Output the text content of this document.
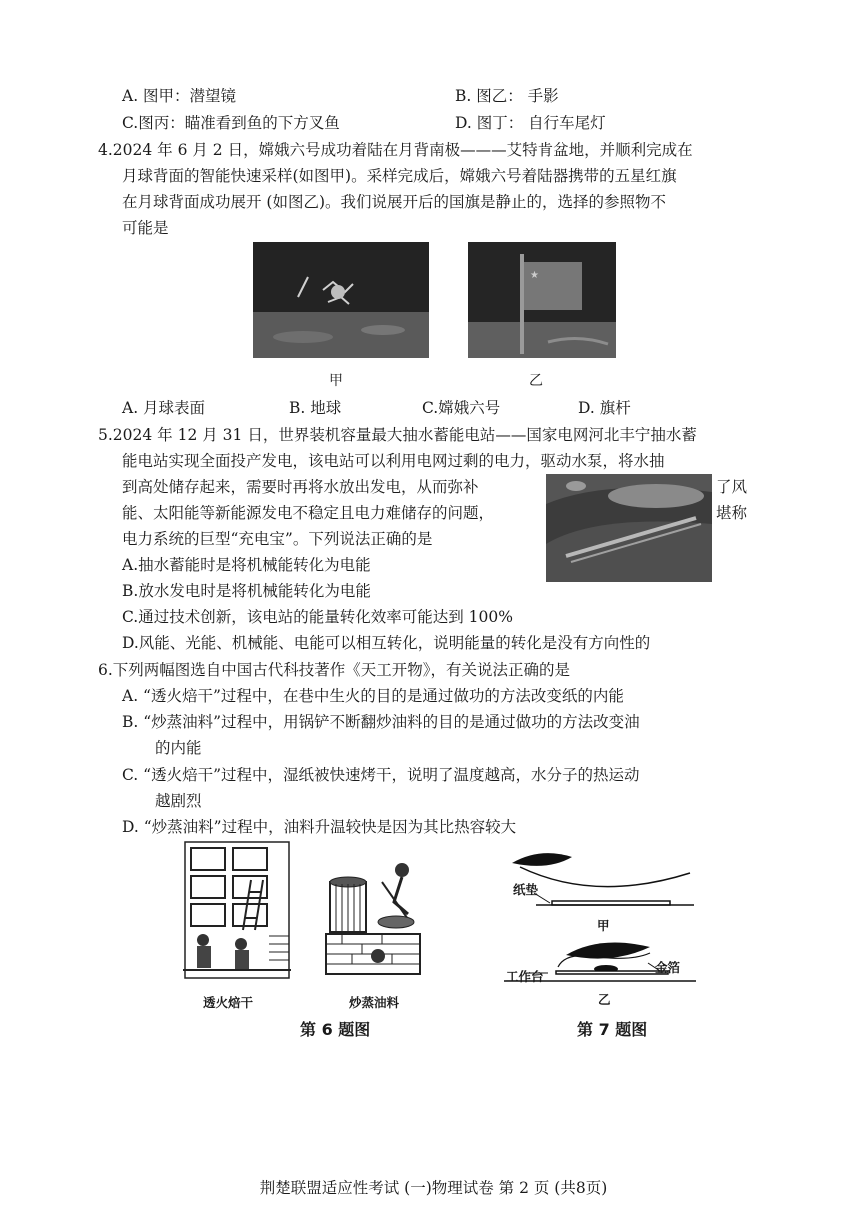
A. 图甲：潜望镜	B. 图乙： 手影
C.图丙：瞄准看到鱼的下方叉鱼	D. 图丁： 自行车尾灯
4.2024 年 6 月 2 日，嫦娥六号成功着陆在月背南极———艾特肯盆地，并顺利完成在
月球背面的智能快速采样(如图甲)。采样完成后，嫦娥六号着陆器携带的五星红旗
在月球背面成功展开 (如图乙)。我们说展开后的国旗是静止的，选择的参照物不
可能是
★
甲	乙
A. 月球表面	B. 地球	C.嫦娥六号	D. 旗杆
5.2024 年 12 月 31 日，世界装机容量最大抽水蓄能电站——国家电网河北丰宁抽水蓄
能电站实现全面投产发电，该电站可以利用电网过剩的电力，驱动水泵，将水抽
到高处储存起来，需要时再将水放出发电，从而弥补	了风
能、太阳能等新能源发电不稳定且电力难储存的问题，	堪称
电力系统的巨型“充电宝”。下列说法正确的是
A.抽水蓄能时是将机械能转化为电能
B.放水发电时是将机械能转化为电能
C.通过技术创新，该电站的能量转化效率可能达到 100%
D.风能、光能、机械能、电能可以相互转化，说明能量的转化是没有方向性的
6.下列两幅图选自中国古代科技著作《天工开物》，有关说法正确的是
A. “透火焙干”过程中，在巷中生火的目的是通过做功的方法改变纸的内能
B. “炒蒸油料”过程中，用锅铲不断翻炒油料的目的是通过做功的方法改变油
的内能
C. “透火焙干”过程中，湿纸被快速烤干，说明了温度越高，水分子的热运动
越剧烈
D. “炒蒸油料”过程中，油料升温较快是因为其比热容较大
透火焙干	炒蒸油料
第 6 题图
纸垫
甲
工作台
金箔
乙
第 7 题图
荆楚联盟适应性考试 (一)物理试卷 第 2 页 (共8页)
